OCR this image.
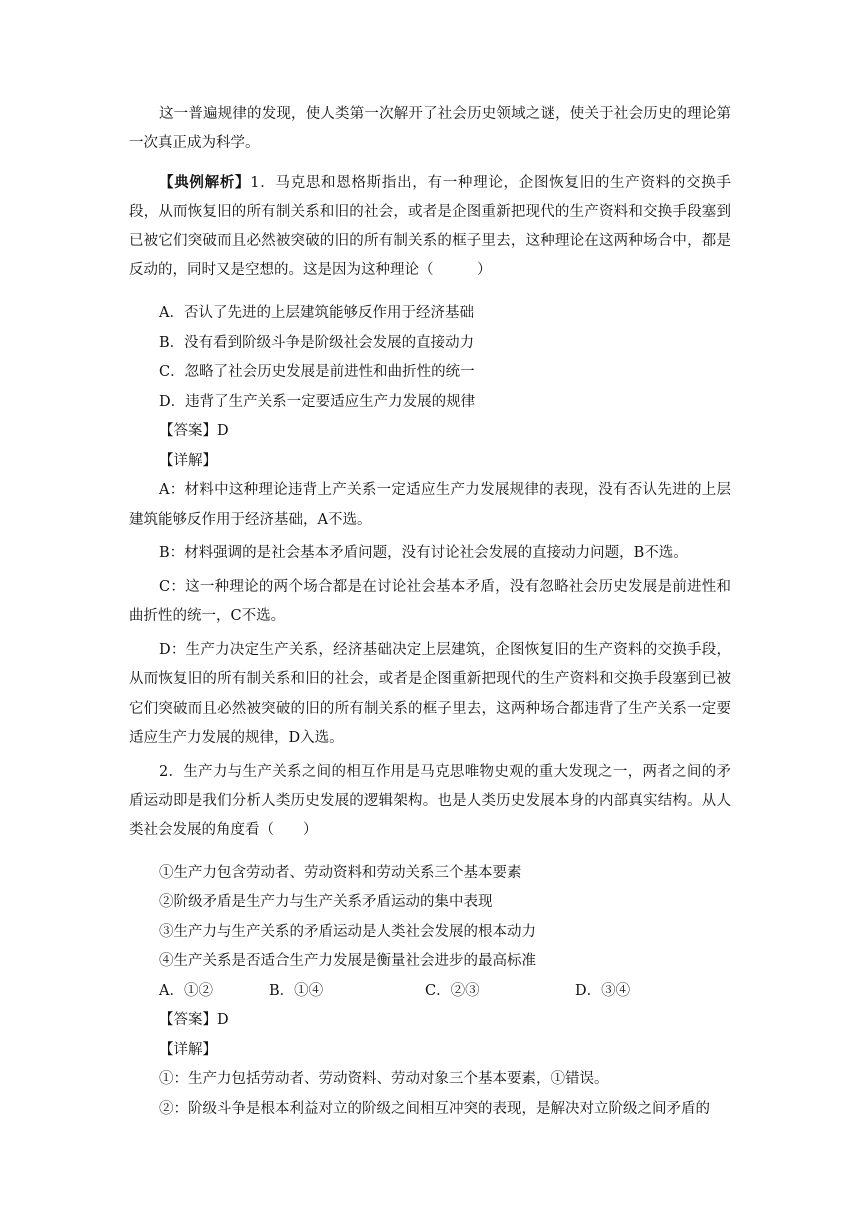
这一普遍规律的发现，使人类第一次解开了社会历史领域之谜，使关于社会历史的理论第一次真正成为科学。

【典例解析】1．马克思和恩格斯指出，有一种理论，企图恢复旧的生产资料的交换手段，从而恢复旧的所有制关系和旧的社会，或者是企图重新把现代的生产资料和交换手段塞到已被它们突破而且必然被突破的旧的所有制关系的框子里去，这种理论在这两种场合中，都是反动的，同时又是空想的。这是因为这种理论（　　　）

A．否认了先进的上层建筑能够反作用于经济基础

B．没有看到阶级斗争是阶级社会发展的直接动力

C．忽略了社会历史发展是前进性和曲折性的统一

D．违背了生产关系一定要适应生产力发展的规律

【答案】D

【详解】

A：材料中这种理论违背上产关系一定适应生产力发展规律的表现，没有否认先进的上层建筑能够反作用于经济基础，A不选。

B：材料强调的是社会基本矛盾问题，没有讨论社会发展的直接动力问题，B不选。

C：这一种理论的两个场合都是在讨论社会基本矛盾，没有忽略社会历史发展是前进性和曲折性的统一，C不选。

D：生产力决定生产关系，经济基础决定上层建筑，企图恢复旧的生产资料的交换手段，从而恢复旧的所有制关系和旧的社会，或者是企图重新把现代的生产资料和交换手段塞到已被它们突破而且必然被突破的旧的所有制关系的框子里去，这两种场合都违背了生产关系一定要适应生产力发展的规律，D入选。

2．生产力与生产关系之间的相互作用是马克思唯物史观的重大发现之一，两者之间的矛盾运动即是我们分析人类历史发展的逻辑架构。也是人类历史发展本身的内部真实结构。从人类社会发展的角度看（　　）

①生产力包含劳动者、劳动资料和劳动关系三个基本要素

②阶级矛盾是生产力与生产关系矛盾运动的集中表现

③生产力与生产关系的矛盾运动是人类社会发展的根本动力

④生产关系是否适合生产力发展是衡量社会进步的最高标准

A．①②	B．①④	C．②③	D．③④

【答案】D

【详解】

①：生产力包括劳动者、劳动资料、劳动对象三个基本要素，①错误。

②：阶级斗争是根本利益对立的阶级之间相互冲突的表现，是解决对立阶级之间矛盾的
